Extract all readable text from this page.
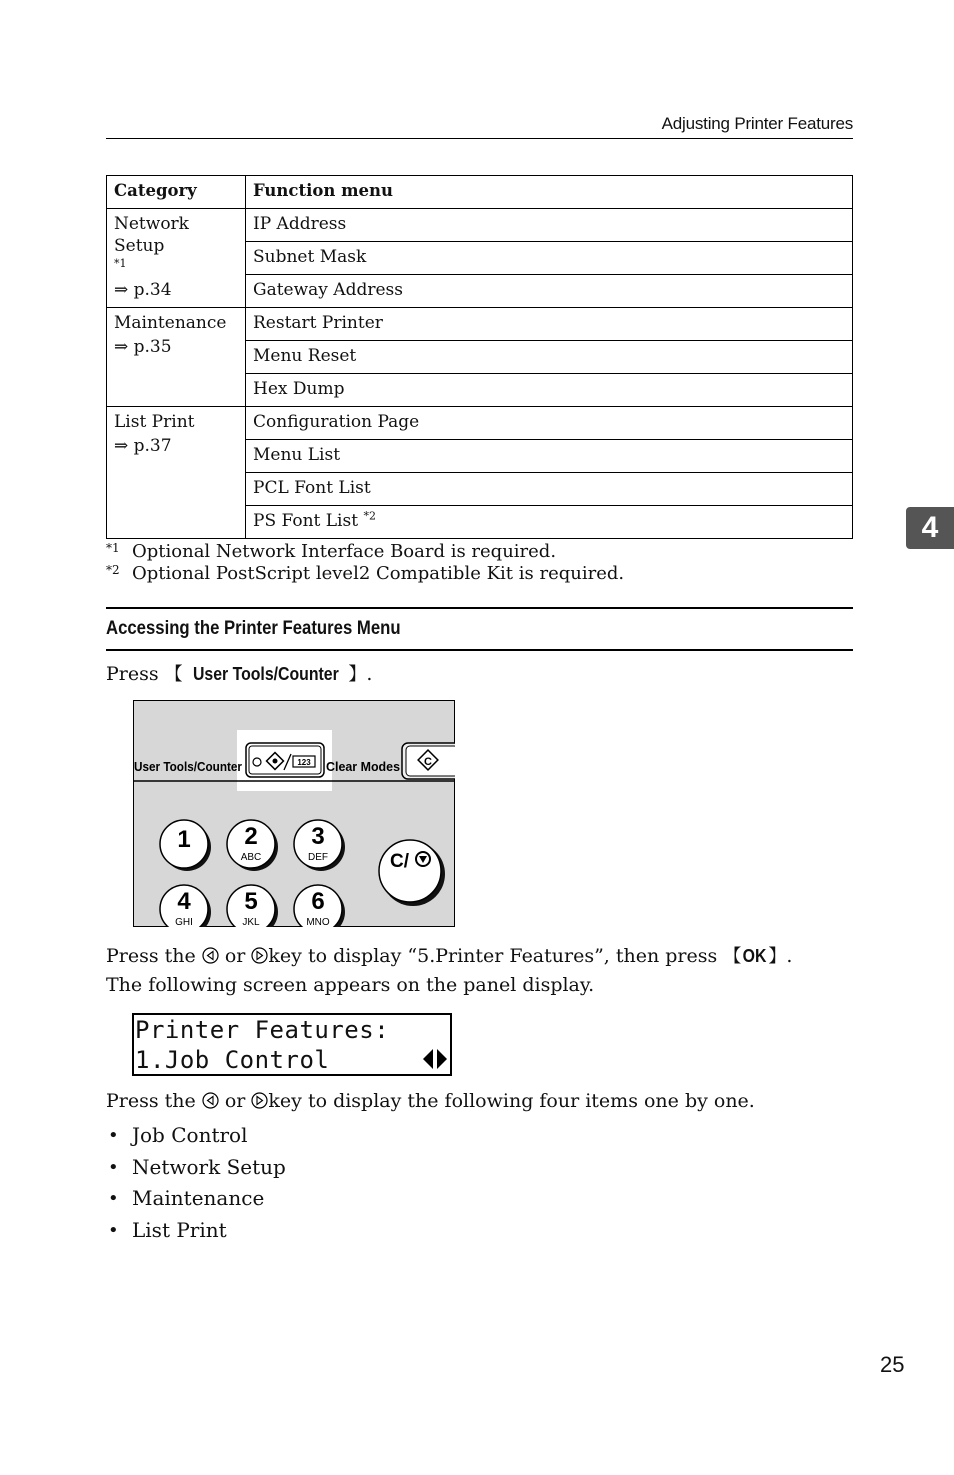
Adjusting Printer Features
Category	Function menu

Network Setup
*1
⇒ p.34	IP Address
	Subnet Mask
	Gateway Address

Maintenance
⇒ p.35	Restart Printer
	Menu Reset
	Hex Dump

List Print
⇒ p.37	Configuration Page
	Menu List
	PCL Font List
	PS Font List $^{*2}$
*1 Optional Network Interface Board is required.
*2 Optional PostScript level2 Compatible Kit is required.
Accessing the Printer Features Menu
Press 【 User Tools/Counter 】.
User Tools/Counter	123 Clear Modes C
1 2
ABC
3
DEF
4
GHI
5
JKL
6
MNO
C/
Press the  or key to display “5.Printer Features”, then press 【OK】.
The following screen appears on the panel display.
Printer Features:
1.Job Control
Press the  or key to display the following four items one by one.
• Job Control
• Network Setup
• Maintenance
• List Print
4
25
